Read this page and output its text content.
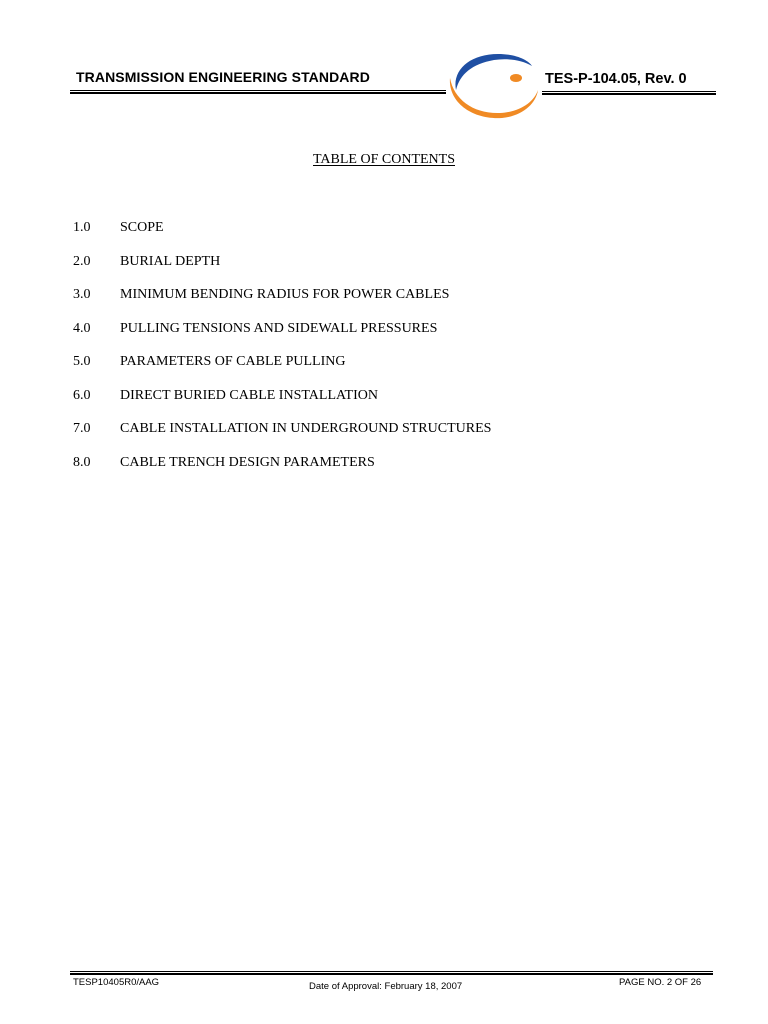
TRANSMISSION ENGINEERING STANDARD	TES-P-104.05, Rev. 0
TABLE OF CONTENTS
1.0	SCOPE
2.0	BURIAL DEPTH
3.0	MINIMUM BENDING RADIUS FOR POWER CABLES
4.0	PULLING TENSIONS AND SIDEWALL PRESSURES
5.0	PARAMETERS OF CABLE PULLING
6.0	DIRECT BURIED CABLE INSTALLATION
7.0	CABLE INSTALLATION IN UNDERGROUND STRUCTURES
8.0	CABLE TRENCH DESIGN PARAMETERS
TESP10405R0/AAG	Date of Approval: February 18, 2007	PAGE NO. 2 OF 26
